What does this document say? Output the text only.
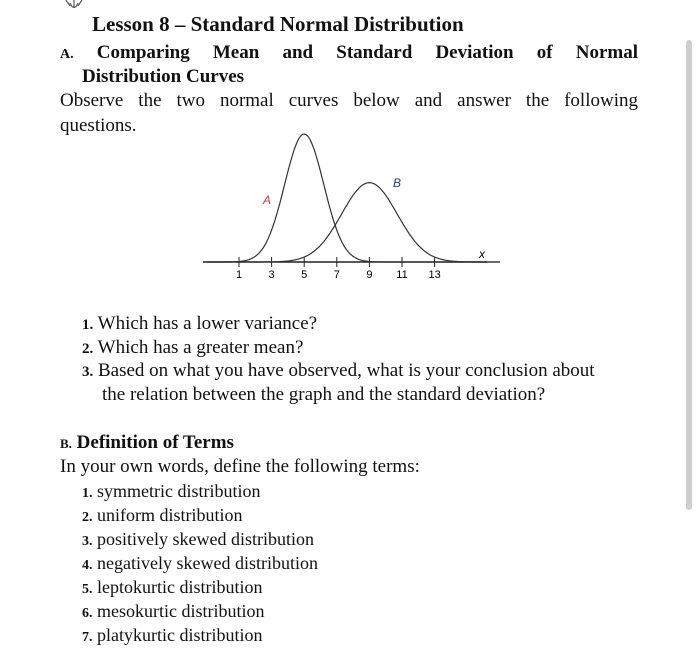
Lesson 8 – Standard Normal Distribution
A. Comparing Mean and Standard Deviation of Normal
Distribution Curves
Observe the two normal curves below and answer the following
questions.
1 3 5 7 9 11 13
A
B
x
1. Which has a lower variance?
2. Which has a greater mean?
3. Based on what you have observed, what is your conclusion about
the relation between the graph and the standard deviation?
B. Definition of Terms
In your own words, define the following terms:
1. symmetric distribution
2. uniform distribution
3. positively skewed distribution
4. negatively skewed distribution
5. leptokurtic distribution
6. mesokurtic distribution
7. platykurtic distribution
